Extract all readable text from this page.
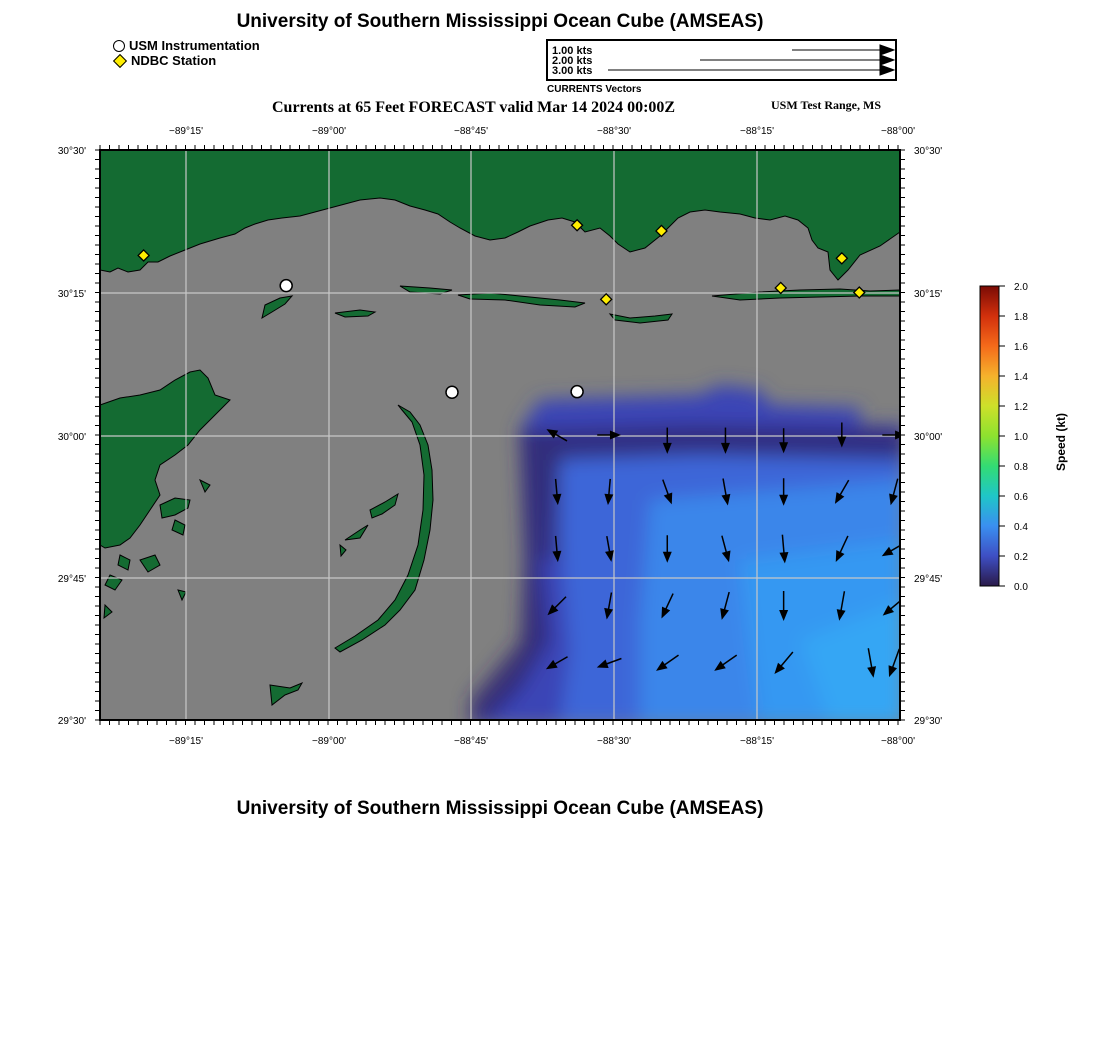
University of Southern Mississippi Ocean Cube (AMSEAS)
USM Instrumentation
NDBC Station
1.00 kts
2.00 kts
3.00 kts
CURRENTS Vectors
Currents at 65 Feet FORECAST valid Mar 14 2024 00:00Z	USM Test Range, MS
−89°15'	−89°00'	−88°45'	−88°30'	−88°15'	−88°00'
−89°15'	−89°00'	−88°45'	−88°30'	−88°15'	−88°00'
30°30'
30°15'
30°00'
29°45'
29°30'
30°30'
30°15'
30°00'
29°45'
29°30'
2.0
1.8
1.6
1.4
1.2
1.0
0.8
0.6
0.4
0.2
0.0
Speed (kt)
University of Southern Mississippi Ocean Cube (AMSEAS)
